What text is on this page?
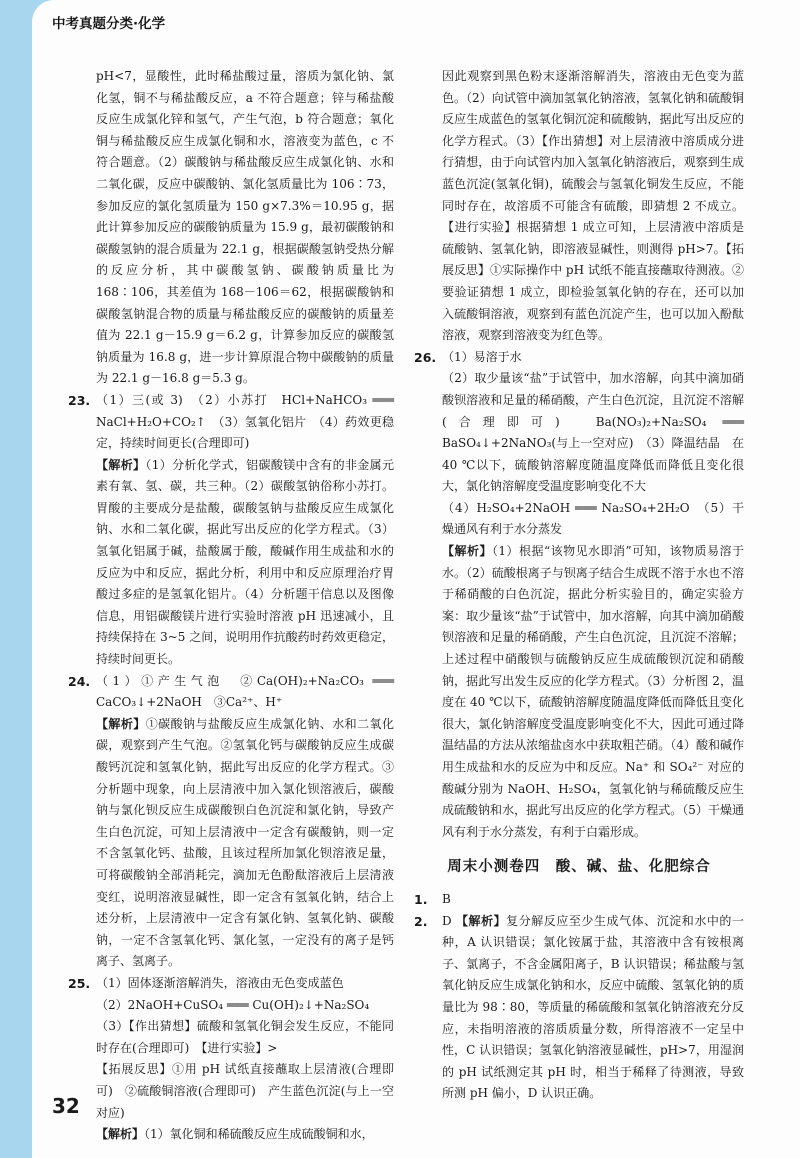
中考真题分类·化学

pH<7，显酸性，此时稀盐酸过量，溶质为氯化钠、氯化氢，铜不与稀盐酸反应，a 不符合题意；锌与稀盐酸反应生成氯化锌和氢气，产生气泡，b 符合题意；氧化铜与稀盐酸反应生成氯化铜和水，溶液变为蓝色，c 不符合题意。（2）碳酸钠与稀盐酸反应生成氯化钠、水和二氧化碳，反应中碳酸钠、氯化氢质量比为 106∶73，参加反应的氯化氢质量为 150 g×7.3%＝10.95 g，据此计算参加反应的碳酸钠质量为 15.9 g，最初碳酸钠和碳酸氢钠的混合质量为 22.1 g，根据碳酸氢钠受热分解的反应分析，其中碳酸氢钠、碳酸钠质量比为 168∶106，其差值为 168－106＝62，根据碳酸钠和碳酸氢钠混合物的质量与稀盐酸反应的碳酸钠的质量差值为 22.1 g－15.9 g＝6.2 g，计算参加反应的碳酸氢钠质量为 16.8 g，进一步计算原混合物中碳酸钠的质量为 22.1 g－16.8 g＝5.3 g。

23. （1）三(或 3)　（2）小苏打　HCl+NaHCO₃ ═══ NaCl+H₂O+CO₂↑　（3）氢氧化铝片　（4）药效更稳定，持续时间更长(合理即可)

【解析】（1）分析化学式，铝碳酸镁中含有的非金属元素有氧、氢、碳，共三种。（2）碳酸氢钠俗称小苏打。胃酸的主要成分是盐酸，碳酸氢钠与盐酸反应生成氯化钠、水和二氧化碳，据此写出反应的化学方程式。（3）氢氧化铝属于碱，盐酸属于酸，酸碱作用生成盐和水的反应为中和反应，据此分析，利用中和反应原理治疗胃酸过多症的是氢氧化铝片。（4）分析题干信息以及图像信息，用铝碳酸镁片进行实验时溶液 pH 迅速减小，且持续保持在 3~5 之间，说明用作抗酸药时药效更稳定，持续时间更长。

24. （1）①产生气泡　②Ca(OH)₂+Na₂CO₃ ═══ CaCO₃↓+2NaOH　③Ca²⁺、H⁺

【解析】①碳酸钠与盐酸反应生成氯化钠、水和二氧化碳，观察到产生气泡。②氢氧化钙与碳酸钠反应生成碳酸钙沉淀和氢氧化钠，据此写出反应的化学方程式。③分析题中现象，向上层清液中加入氯化钡溶液后，碳酸钠与氯化钡反应生成碳酸钡白色沉淀和氯化钠，导致产生白色沉淀，可知上层清液中一定含有碳酸钠，则一定不含氢氧化钙、盐酸，且该过程所加氯化钡溶液足量，可将碳酸钠全部消耗完，滴加无色酚酞溶液后上层清液变红，说明溶液显碱性，即一定含有氢氧化钠，结合上述分析，上层清液中一定含有氯化钠、氢氧化钠、碳酸钠，一定不含氢氧化钙、氯化氢，一定没有的离子是钙离子、氢离子。

25. （1）固体逐渐溶解消失，溶液由无色变成蓝色

（2）2NaOH+CuSO₄ ═══ Cu(OH)₂↓+Na₂SO₄

（3）【作出猜想】硫酸和氢氧化铜会发生反应，不能同时存在(合理即可)　【进行实验】>

【拓展反思】①用 pH 试纸直接蘸取上层清液(合理即可)　②硫酸铜溶液(合理即可)　产生蓝色沉淀(与上一空对应)

【解析】（1）氧化铜和稀硫酸反应生成硫酸铜和水，

因此观察到黑色粉末逐渐溶解消失，溶液由无色变为蓝色。（2）向试管中滴加氢氧化钠溶液，氢氧化钠和硫酸铜反应生成蓝色的氢氧化铜沉淀和硫酸钠，据此写出反应的化学方程式。（3）【作出猜想】对上层清液中溶质成分进行猜想，由于向试管内加入氢氧化钠溶液后，观察到生成蓝色沉淀(氢氧化铜)，硫酸会与氢氧化铜发生反应，不能同时存在，故溶质不可能含有硫酸，即猜想 2 不成立。【进行实验】根据猜想 1 成立可知，上层清液中溶质是硫酸钠、氢氧化钠，即溶液显碱性，则测得 pH>7。【拓展反思】①实际操作中 pH 试纸不能直接蘸取待测液。②要验证猜想 1 成立，即检验氢氧化钠的存在，还可以加入硫酸铜溶液，观察到有蓝色沉淀产生，也可以加入酚酞溶液，观察到溶液变为红色等。

26. （1）易溶于水

（2）取少量该“盐”于试管中，加水溶解，向其中滴加硝酸钡溶液和足量的稀硝酸，产生白色沉淀，且沉淀不溶解(合理即可)　Ba(NO₃)₂+Na₂SO₄ ═══ BaSO₄↓+2NaNO₃(与上一空对应)　（3）降温结晶　在 40 ℃以下，硫酸钠溶解度随温度降低而降低且变化很大，氯化钠溶解度受温度影响变化不大

（4）H₂SO₄+2NaOH ═══ Na₂SO₄+2H₂O　（5）干燥通风有利于水分蒸发

【解析】（1）根据“该物见水即消”可知，该物质易溶于水。（2）硫酸根离子与钡离子结合生成既不溶于水也不溶于稀硝酸的白色沉淀，据此分析实验目的，确定实验方案：取少量该“盐”于试管中，加水溶解，向其中滴加硝酸钡溶液和足量的稀硝酸，产生白色沉淀，且沉淀不溶解；上述过程中硝酸钡与硫酸钠反应生成硫酸钡沉淀和硝酸钠，据此写出发生反应的化学方程式。（3）分析图 2，温度在 40 ℃以下，硫酸钠溶解度随温度降低而降低且变化很大，氯化钠溶解度受温度影响变化不大，因此可通过降温结晶的方法从浓缩盐卤水中获取粗芒硝。（4）酸和碱作用生成盐和水的反应为中和反应。Na⁺ 和 SO₄²⁻ 对应的酸碱分别为 NaOH、H₂SO₄，氢氧化钠与稀硫酸反应生成硫酸钠和水，据此写出反应的化学方程式。（5）干燥通风有利于水分蒸发，有利于白霜形成。

周末小测卷四　酸、碱、盐、化肥综合
1. B

2. D 【解析】复分解反应至少生成气体、沉淀和水中的一种，A 认识错误；氯化铵属于盐，其溶液中含有铵根离子、氯离子，不含金属阳离子，B 认识错误；稀盐酸与氢氧化钠反应生成氯化钠和水，反应中硫酸、氢氧化钠的质量比为 98∶80，等质量的稀硫酸和氢氧化钠溶液充分反应，未指明溶液的溶质质量分数，所得溶液不一定呈中性，C 认识错误；氢氧化钠溶液显碱性，pH>7，用湿润的 pH 试纸测定其 pH 时，相当于稀释了待测液，导致所测 pH 偏小，D 认识正确。

32
